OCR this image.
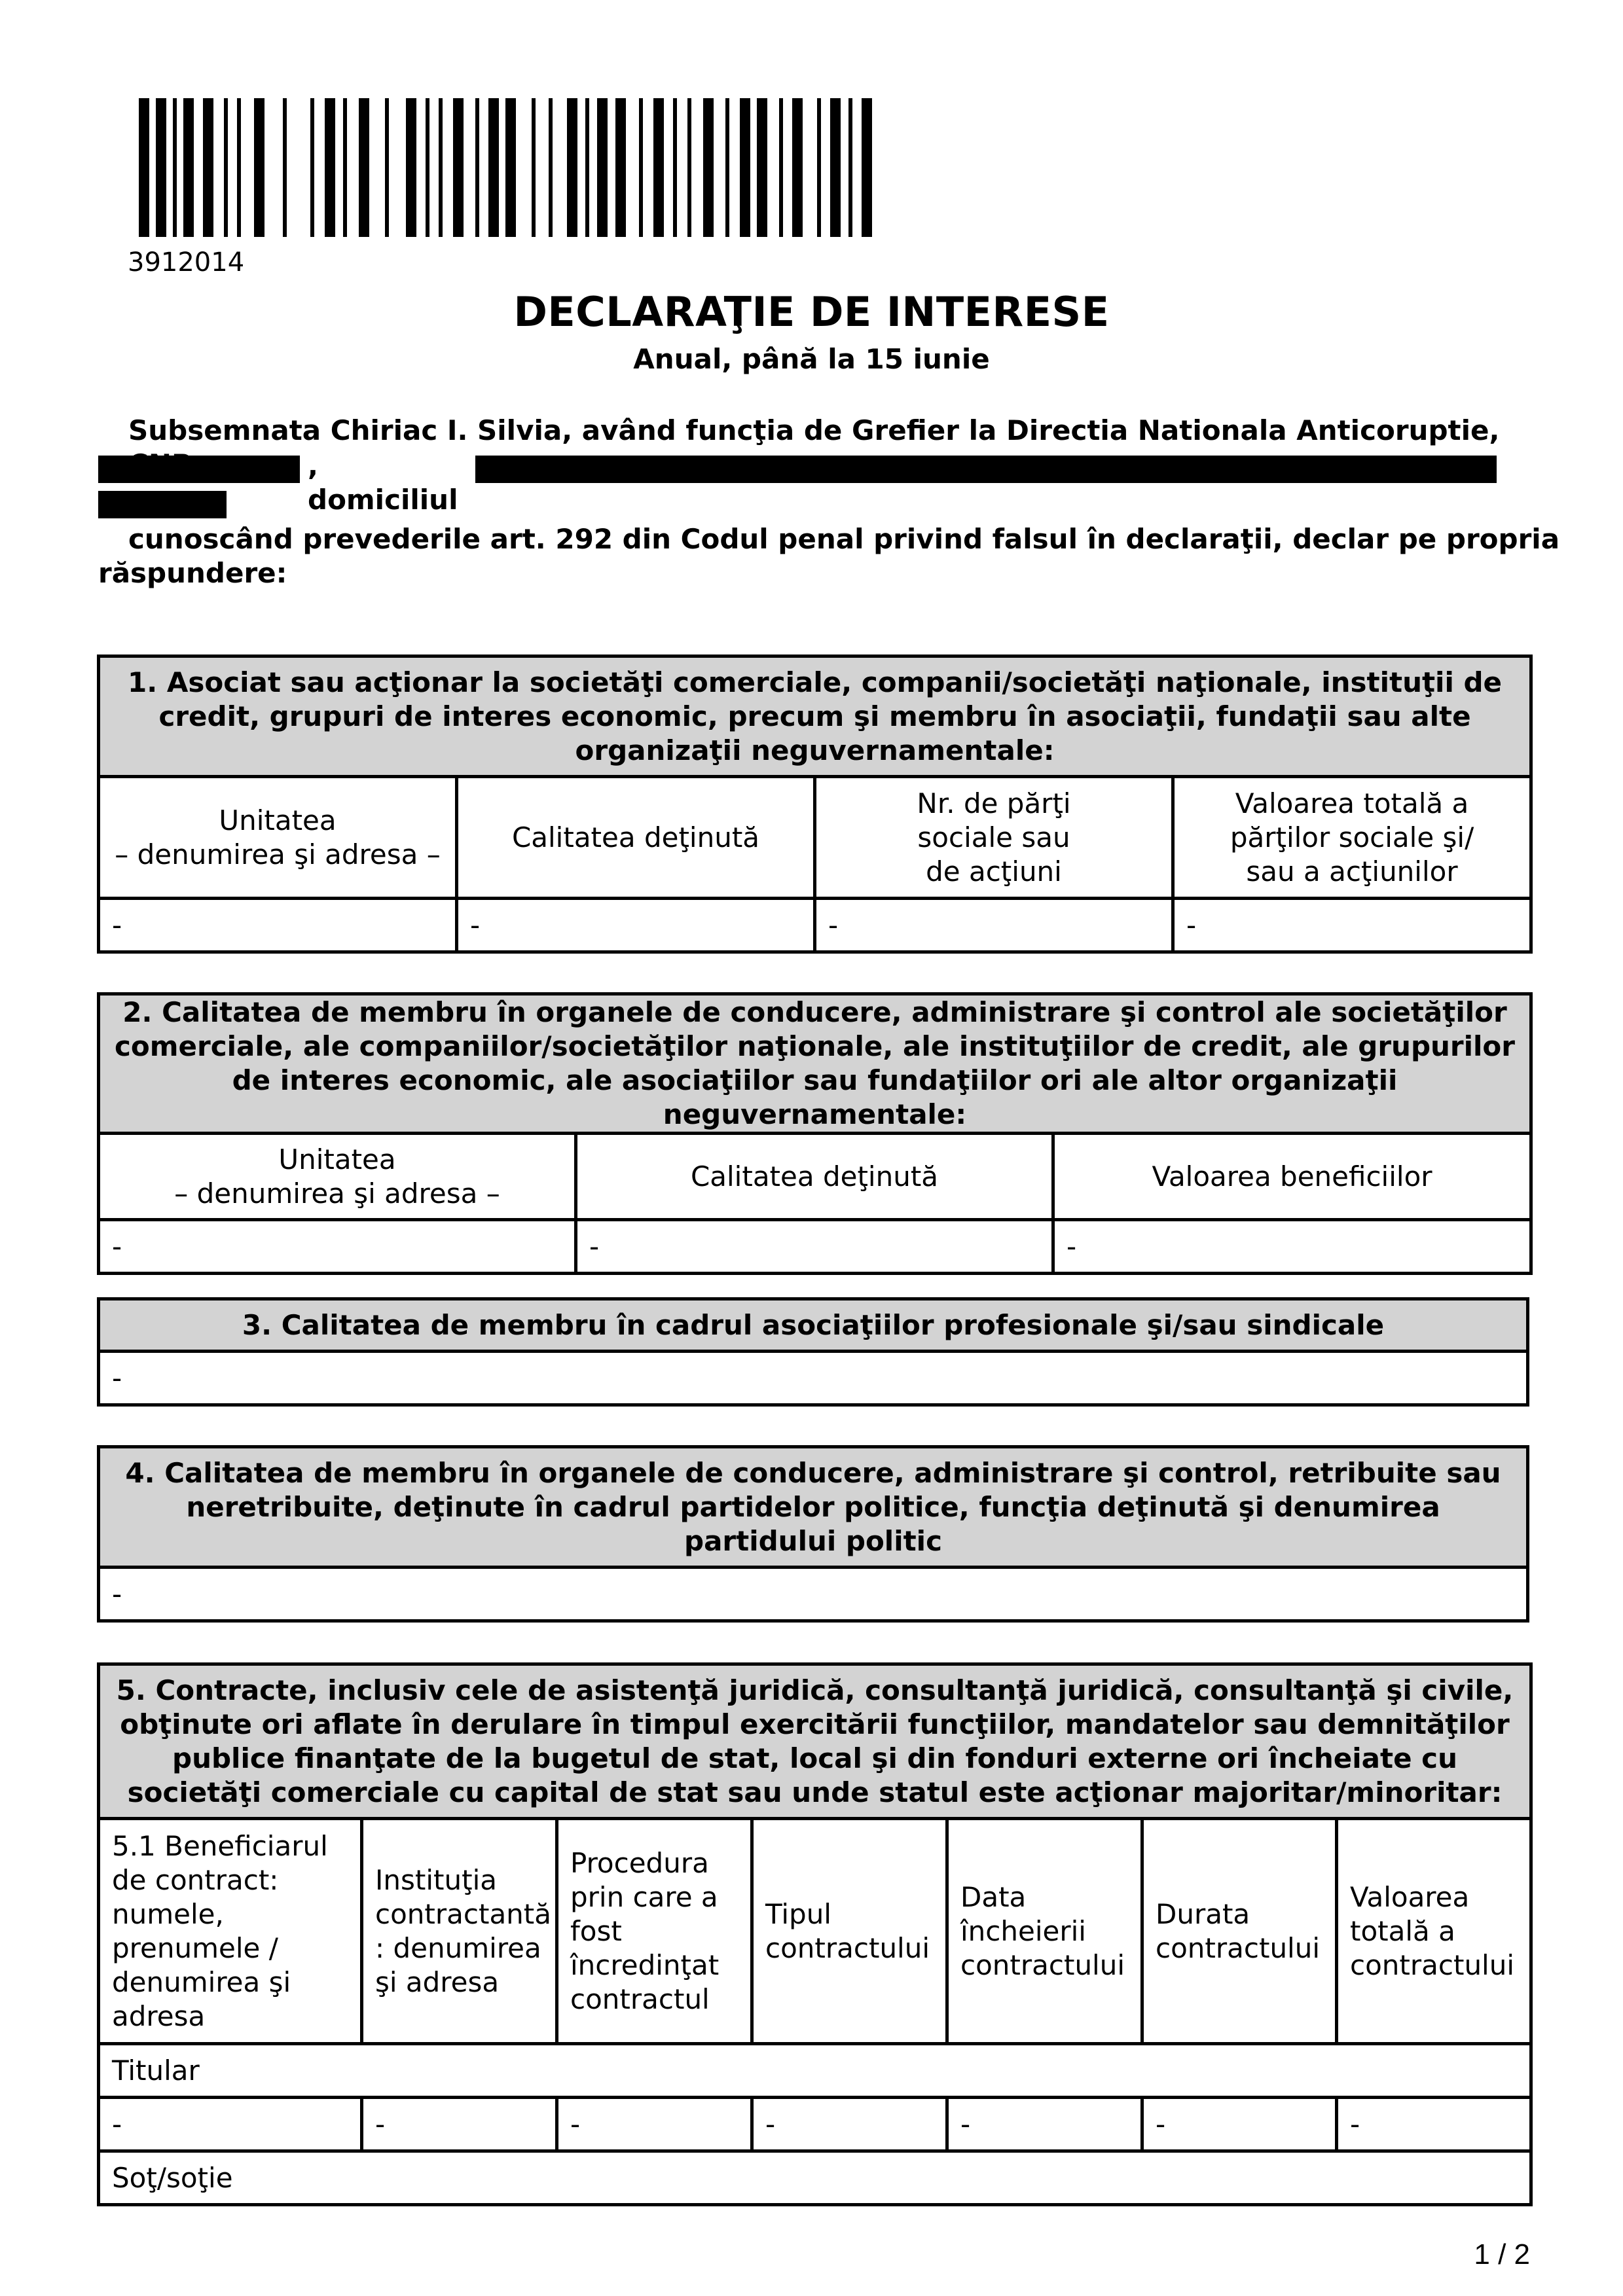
3912014
DECLARAŢIE DE INTERESE
Anual, până la 15 iunie
Subsemnata Chiriac I. Silvia, având funcţia de Grefier la Directia Nationala Anticoruptie,
, domiciliul
cunoscând prevederile art. 292 din Codul penal privind falsul în declaraţii, declar pe propria
răspundere:
1. Asociat sau acţionar la societăţi comerciale, companii/societăţi naţionale, instituţii de credit, grupuri de interes economic, precum şi membru în asociaţii, fundaţii sau alte organizaţii neguvernamentale:			
Unitatea
– denumirea şi adresa –	Calitatea deţinută	Nr. de părţi
sociale sau
de acţiuni	Valoarea totală a
părţilor sociale şi/
sau a acţiunilor
-	-	-	-
2. Calitatea de membru în organele de conducere, administrare şi control ale societăţilor comerciale, ale companiilor/societăţilor naţionale, ale instituţiilor de credit, ale grupurilor de interes economic, ale asociaţiilor sau fundaţiilor ori ale altor organizaţii neguvernamentale:		
Unitatea
– denumirea şi adresa –	Calitatea deţinută	Valoarea beneficiilor
-	-	-
3. Calitatea de membru în cadrul asociaţiilor profesionale şi/sau sindicale
-
4. Calitatea de membru în organele de conducere, administrare şi control, retribuite sau neretribuite, deţinute în cadrul partidelor politice, funcţia deţinută şi denumirea partidului politic
-
5. Contracte, inclusiv cele de asistenţă juridică, consultanţă juridică, consultanţă şi civile, obţinute ori aflate în derulare în timpul exercitării funcţiilor, mandatelor sau demnităţilor publice finanţate de la bugetul de stat, local şi din fonduri externe ori încheiate cu societăţi comerciale cu capital de stat sau unde statul este acţionar majoritar/minoritar:						
5.1 Beneficiarul de contract: numele, prenumele / denumirea şi adresa	Instituţia contractantă : denumirea şi adresa	Procedura prin care a fost încredinţat contractul	Tipul contractului	Data încheierii contractului	Durata contractului	Valoarea totală a contractului
Titular						
-	-	-	-	-	-	-
Soţ/soţie						
1 / 2
